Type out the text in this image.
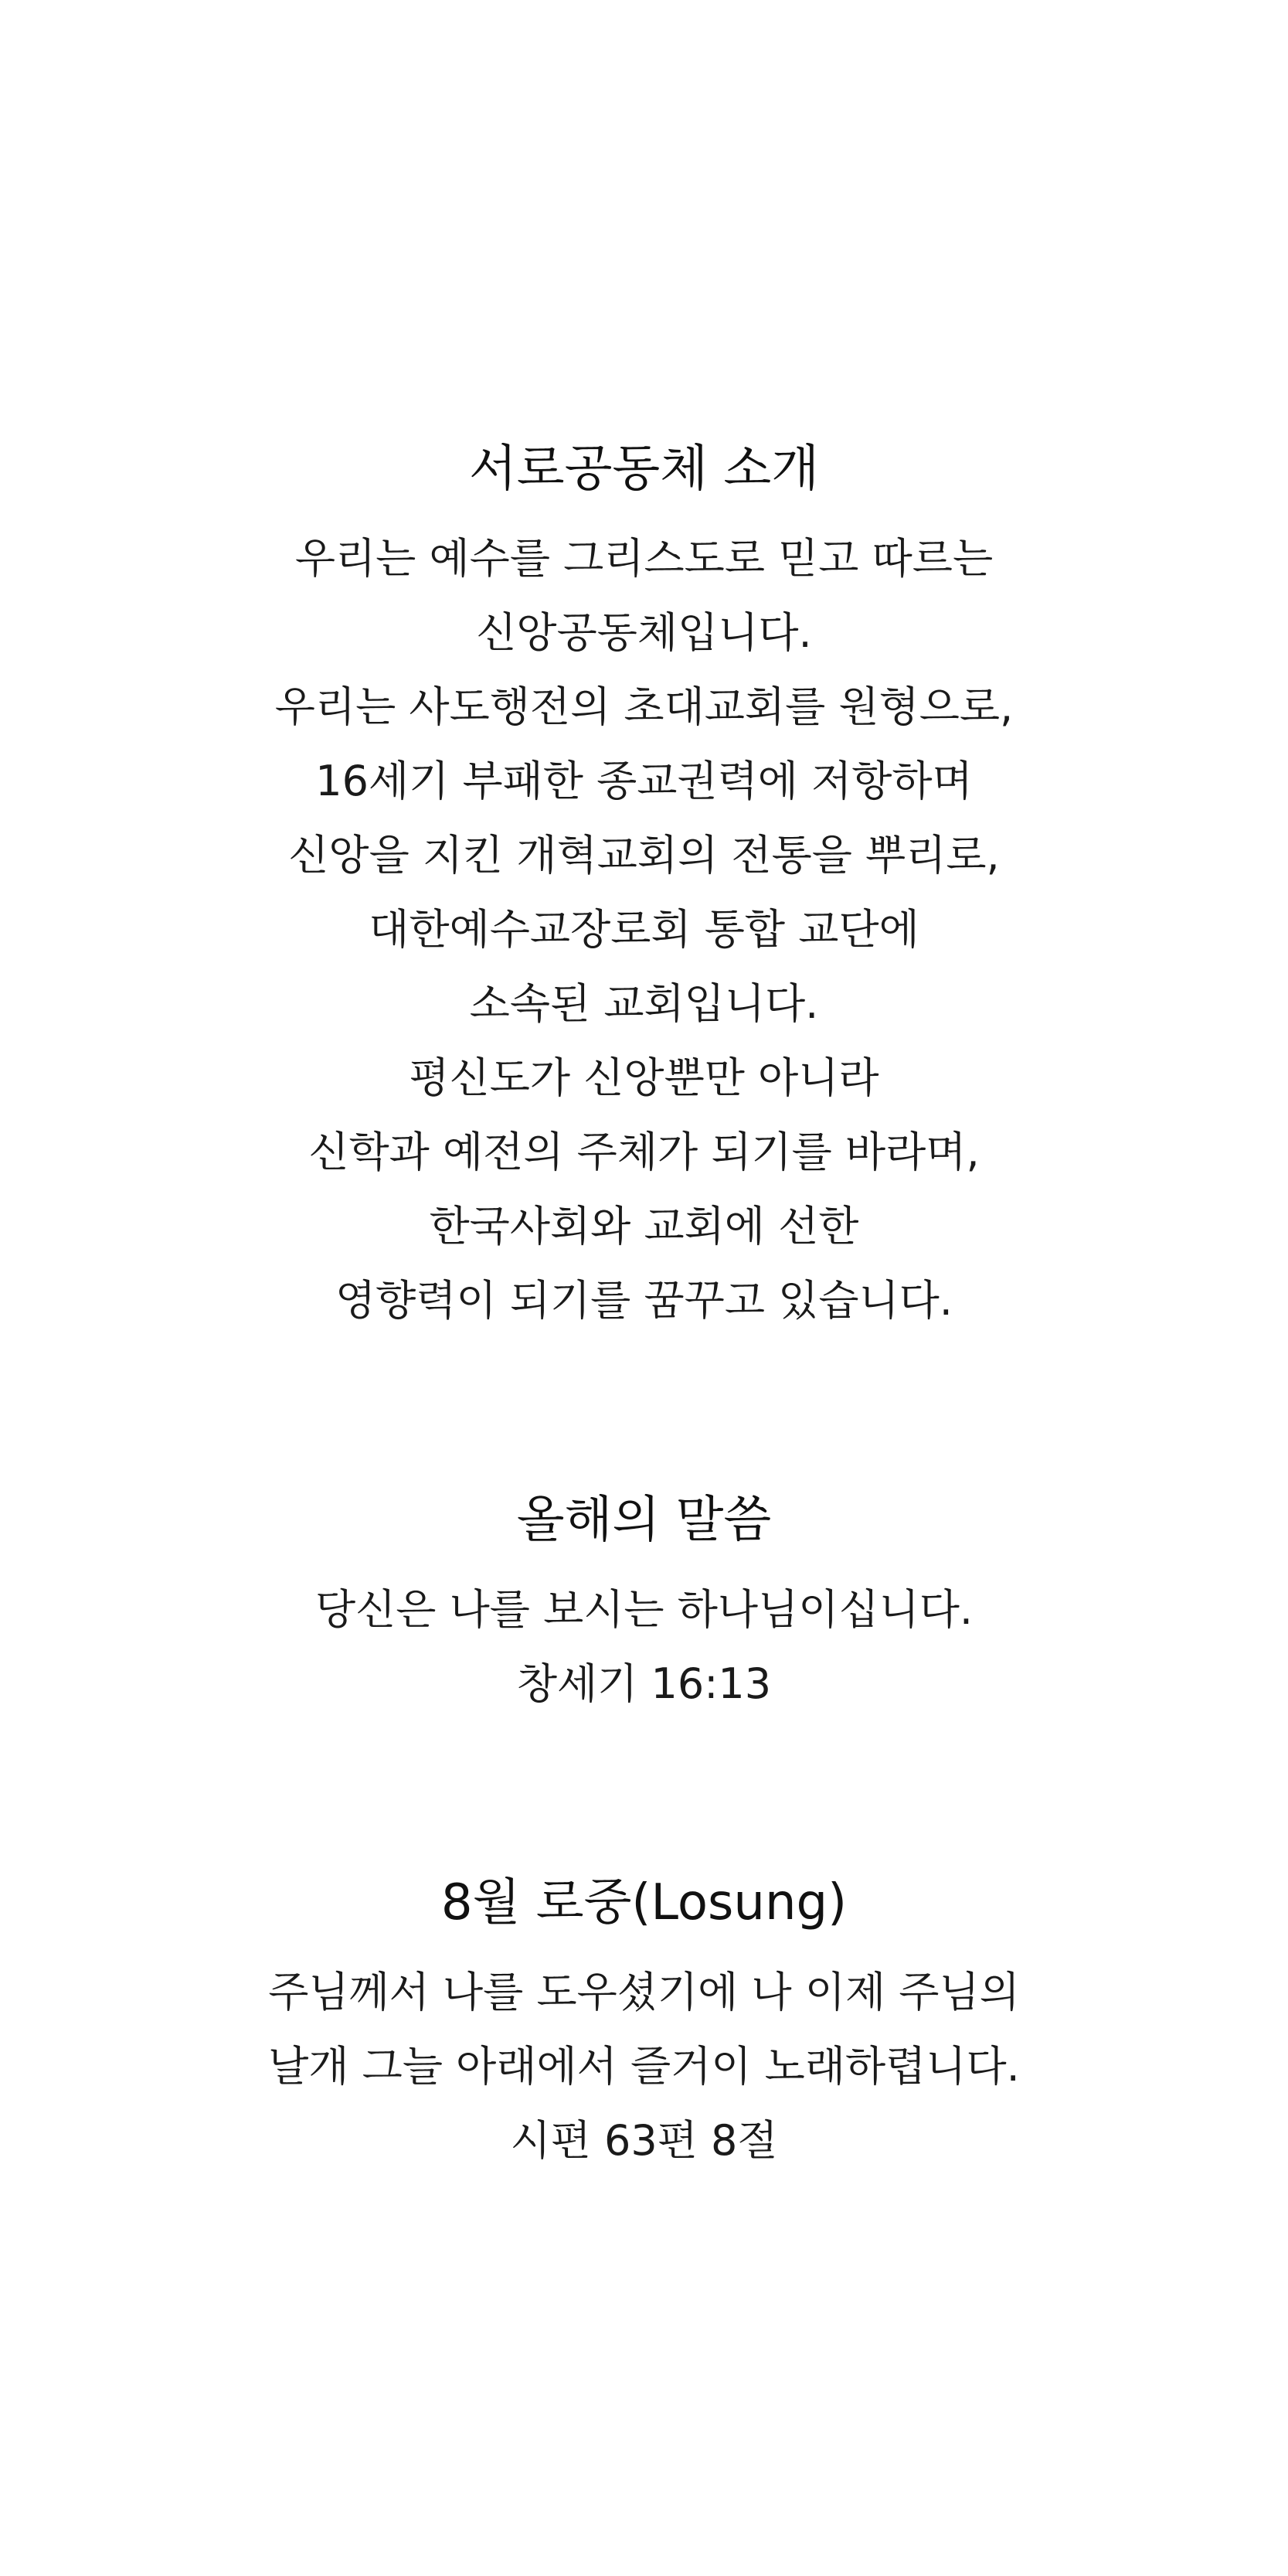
서로공동체 소개
우리는 예수를 그리스도로 믿고 따르는
신앙공동체입니다.
우리는 사도행전의 초대교회를 원형으로,
16세기 부패한 종교권력에 저항하며
신앙을 지킨 개혁교회의 전통을 뿌리로,
대한예수교장로회 통합 교단에
소속된 교회입니다.
평신도가 신앙뿐만 아니라
신학과 예전의 주체가 되기를 바라며,
한국사회와 교회에 선한
영향력이 되기를 꿈꾸고 있습니다.
올해의 말씀
당신은 나를 보시는 하나님이십니다.
창세기 16:13
8월 로중(Losung)
주님께서 나를 도우셨기에 나 이제 주님의
날개 그늘 아래에서 즐거이 노래하렵니다.
시편 63편 8절
